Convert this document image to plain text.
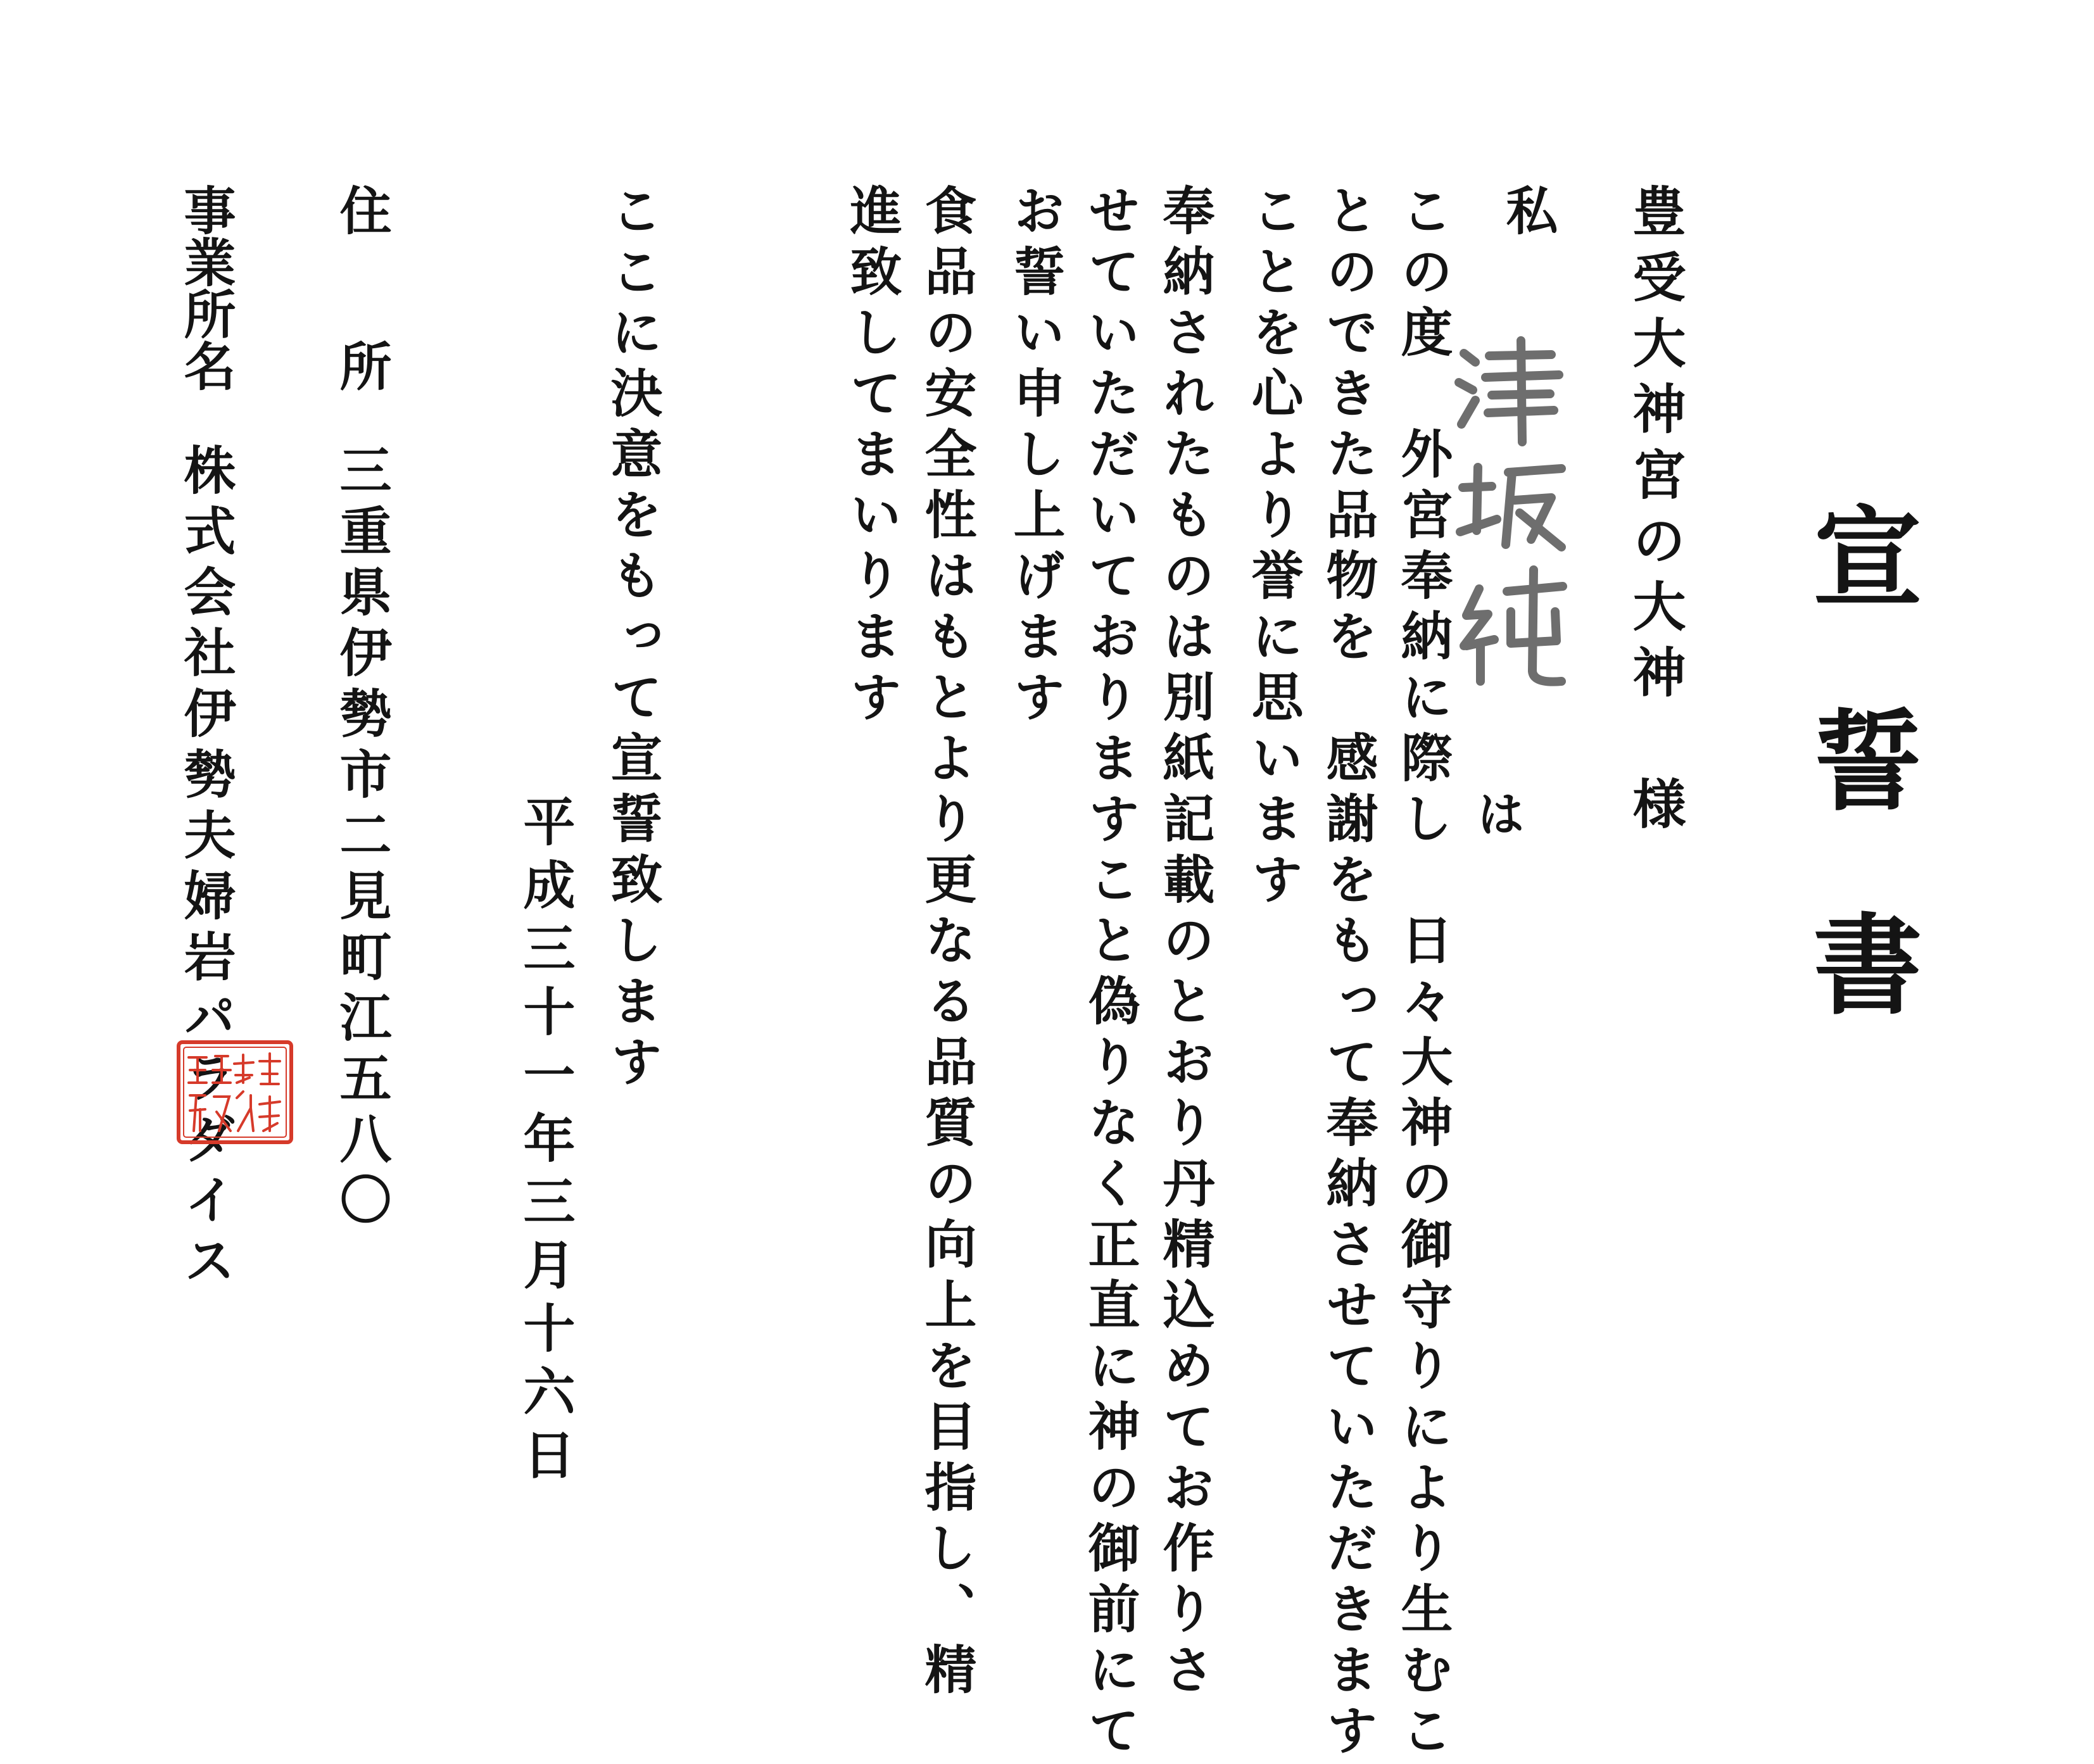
宣誓書
豊受大神宮の大神　様
私
は
この度　外宮奉納に際し　日々大神の御守りにより生むこ
とのできた品物を　感謝をもって奉納させていただきます
ことを心より誉に思います
奉納されたものは別紙記載のとおり丹精込めてお作りさ
せていただいておりますこと偽りなく正直に神の御前にて
お誓い申し上げます
食品の安全性はもとより更なる品質の向上を目指し、精
進致してまいります
ここに決意をもって宣誓致します
平成三十一年三月十六日
住　　所
三重県伊勢市二見町江五八〇
事業所名
株式会社伊勢夫婦岩パラダイス
